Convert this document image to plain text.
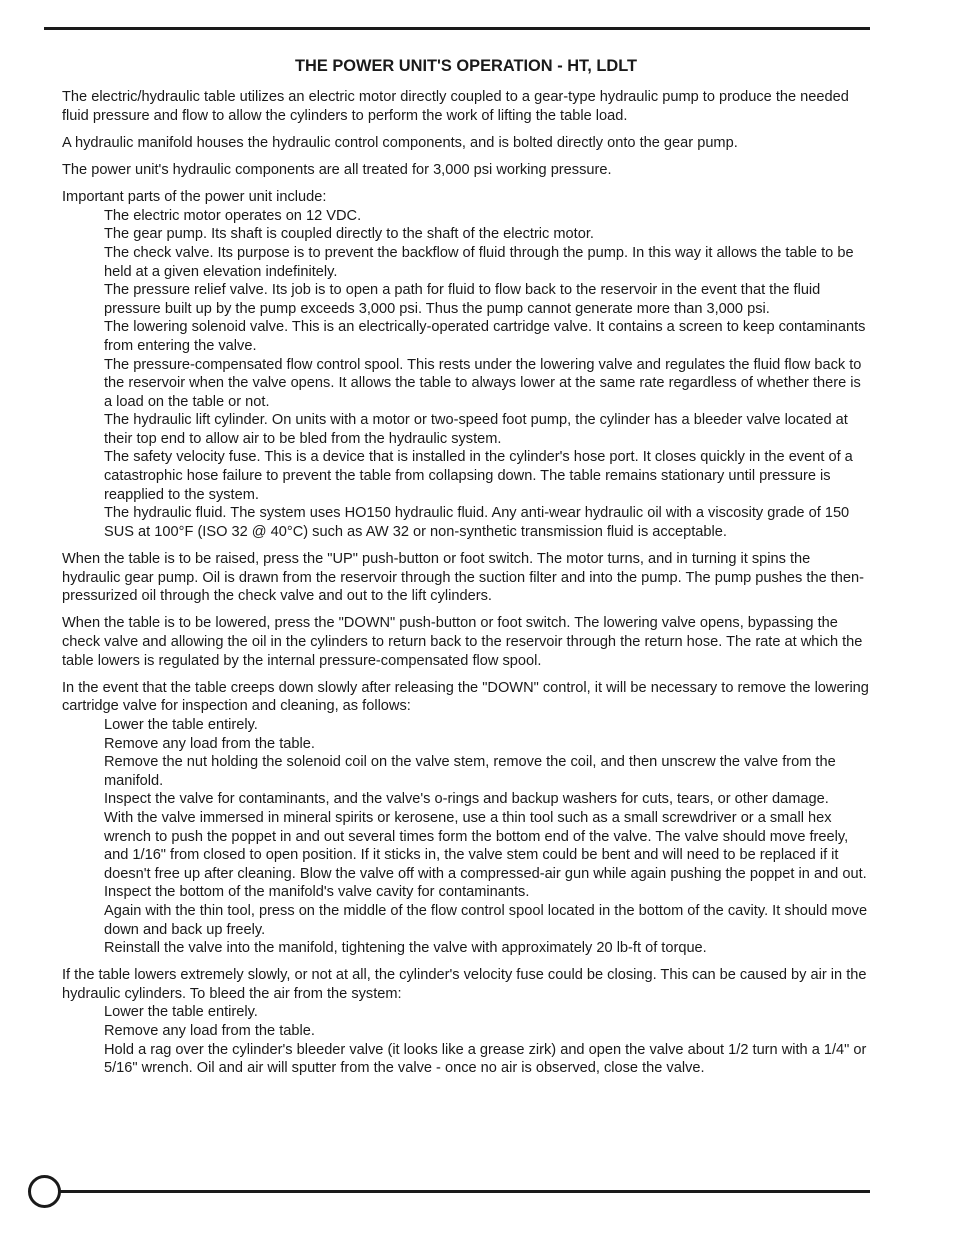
THE POWER UNIT'S OPERATION - HT, LDLT

The electric/hydraulic table utilizes an electric motor directly coupled to a gear-type hydraulic pump to produce the needed fluid pressure and flow to allow the cylinders to perform the work of lifting the table load.

A hydraulic manifold houses the hydraulic control components, and is bolted directly onto the gear pump.

The power unit's hydraulic components are all treated for 3,000 psi working pressure.

Important parts of the power unit include:
The electric motor operates on 12 VDC.
The gear pump. Its shaft is coupled directly to the shaft of the electric motor.
The check valve. Its purpose is to prevent the backflow of fluid through the pump. In this way it allows the table to be held at a given elevation indefinitely.
The pressure relief valve. Its job is to open a path for fluid to flow back to the reservoir in the event that the fluid pressure built up by the pump exceeds 3,000 psi. Thus the pump cannot generate more than 3,000 psi.
The lowering solenoid valve. This is an electrically-operated cartridge valve. It contains a screen to keep contaminants from entering the valve.
The pressure-compensated flow control spool. This rests under the lowering valve and regulates the fluid flow back to the reservoir when the valve opens. It allows the table to always lower at the same rate regardless of whether there is a load on the table or not.
The hydraulic lift cylinder. On units with a motor or two-speed foot pump, the cylinder has a bleeder valve located at their top end to allow air to be bled from the hydraulic system.
The safety velocity fuse. This is a device that is installed in the cylinder's hose port. It closes quickly in the event of a catastrophic hose failure to prevent the table from collapsing down. The table remains stationary until pressure is reapplied to the system.
The hydraulic fluid. The system uses HO150 hydraulic fluid. Any anti-wear hydraulic oil with a viscosity grade of 150 SUS at 100°F (ISO 32 @ 40°C) such as AW 32 or non-synthetic transmission fluid is acceptable.

When the table is to be raised, press the "UP" push-button or foot switch. The motor turns, and in turning it spins the hydraulic gear pump. Oil is drawn from the reservoir through the suction filter and into the pump. The pump pushes the then-pressurized oil through the check valve and out to the lift cylinders.

When the table is to be lowered, press the "DOWN" push-button or foot switch. The lowering valve opens, bypassing the check valve and allowing the oil in the cylinders to return back to the reservoir through the return hose. The rate at which the table lowers is regulated by the internal pressure-compensated flow spool.

In the event that the table creeps down slowly after releasing the "DOWN" control, it will be necessary to remove the lowering cartridge valve for inspection and cleaning, as follows:
Lower the table entirely.
Remove any load from the table.
Remove the nut holding the solenoid coil on the valve stem, remove the coil, and then unscrew the valve from the manifold.
Inspect the valve for contaminants, and the valve's o-rings and backup washers for cuts, tears, or other damage.
With the valve immersed in mineral spirits or kerosene, use a thin tool such as a small screwdriver or a small hex wrench to push the poppet in and out several times form the bottom end of the valve. The valve should move freely, and 1/16" from closed to open position. If it sticks in, the valve stem could be bent and will need to be replaced if it doesn't free up after cleaning. Blow the valve off with a compressed-air gun while again pushing the poppet in and out.
Inspect the bottom of the manifold's valve cavity for contaminants.
Again with the thin tool, press on the middle of the flow control spool located in the bottom of the cavity. It should move down and back up freely.
Reinstall the valve into the manifold, tightening the valve with approximately 20 lb-ft of torque.
If the table lowers extremely slowly, or not at all, the cylinder's velocity fuse could be closing. This can be caused by air in the hydraulic cylinders. To bleed the air from the system:
Lower the table entirely.
Remove any load from the table.
Hold a rag over the cylinder's bleeder valve (it looks like a grease zirk) and open the valve about 1/2 turn with a 1/4" or 5/16" wrench. Oil and air will sputter from the valve - once no air is observed, close the valve.
